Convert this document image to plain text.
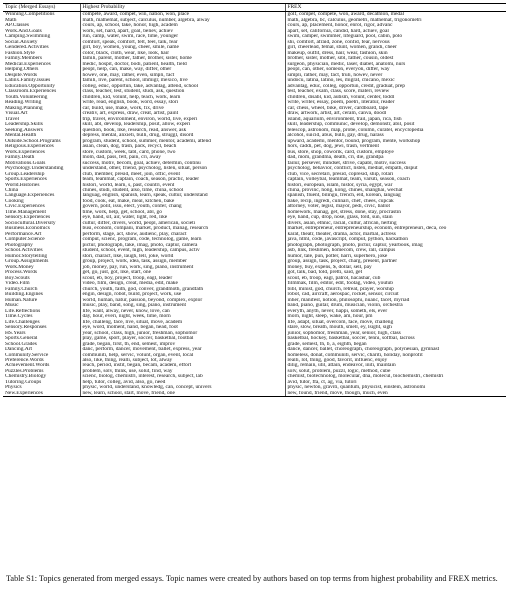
Topic (Merged Essays)	Highest Probability	FREX
Winning.Competitions	compete, award, compet, win, nation, won, place	golf, compet, compete, won, award, decathlon, medal
Math	math, mathemat, subject, calculus, number, algebra, alway	math, algebra, bc, calculus, geometri, mathemat, trigonometri
AP.Classes	cours, ap, school, take, honor, high, academ	cours, ap, placement, honor, enrol, rigor, advanc
Work.And.Goals	work, set, hard, apart, goal, believ, achiev	apart, set, california, candid, hard, achiev, goal
Camping.Swimming	run, camp, water, swim, race, time, younger	swim, camper, swimmer, lifeguard, pool, cabin, polo
Social.Anxiety	comfort, speak, comfort, felt, feel, talk, fear	shi, comfort, afraid, zone, confid, fear, nervous
Gendered.Activities	girl, boy, women, young, cheer, smile, name	girl, cheerlead, femal, stunt, women, grandi, cheer
Fashion.Style	color, black, cloth, wear, like, look, hair	makeup, outfit, dress, hair, wear, fashion, skin
Family.Members	famili, parent, mother, father, brother, sister, home	brother, sister, mother, sibl, father, cousin, oldest
Medical.Experiences	medic, hospit, doctor, bodi, patient, health, field	surgeon, physician, medic, laser, diabet, anatomi, nurs
Helping.Others	peopl, help, can, make, way, differ, other	peopl, can, other, someon, everyon, differ, way
Despite.Words	howev, one, may, rather, even, simpli, fact	simpli, rather, may, fact, truli, howev, never
Latinx.Family.Issues	famili, live, parent, school, immigr, mexico, live	undocu, latina, latino, les, migrat, chicano, mexic
Education.Opportunity	colleg, educ, opportun, take, advantag, attend, school	advantag, educ, colleg, opportun, credit, graduat, prep
Classroom.Experiences	class, teacher, test, student, studi, ask, question	test, teacher, exam, class, score, materi, review
Youth.Volunteering	children, kid, volunt, help, teach, work, learn	children, disabl, kid, autism, volunt, center, toddl
Reading.Writing	write, read, english, book, word, essay, stori	write, writer, essay, poem, poetri, literatur, reader
Making.Planning	car, build, use, make, work, fix, drive	car, chess, wheel, bike, driver, cardboard, tape
Visual.Art	creativ, art, express, draw, creat, artist, paint	draw, artwork, artist, art, ceram, canva, doodl
Travel	trip, travel, environment, environ, world, live, experi	island, aquarium, environment, trail, japan, rica, fish
Leadership.Skills	skill, abl, develop, leadership, posit, allow, experi	skill, leadership, communic, develop, demonstr, abil, posit
Seeking.Answers	question, book, like, research, read, answer, ask	telescop, astronom, map, probe, column, curatel, encyclopedia
Mental.Health	depress, mental, anxieti, bulli, drug, struggl, disord	alcohol, suicid, abus, bulli, gay, drug, harass
Outside.School.Programs	program, student, school, summer, mentor, academi, attend	upward, academi, mentor, bound, program, mente, workshop
Religious.Experiences	asian, clean, dog, trash, pack, recycl, beach	hors, caddi, pet, dog, jewi, trash, vertment
Work.Experiences	store, custom, week, tabl, card, phone, two	bus, store, shop, coworik, card, custom, employe
Family.Death	mom, dad, pass, felt, pain, cri, away	dad, mom, grandma, death, cri, die, grandpa
Motivations.Goals	success, motiv, becom, goal, achiev, determin, continu	failur, persever, mindset, strive, capabl, motiv, success
Psychology.Understanding	understand, other, friend, psycholog, listen, situat, person	psycholog, behavior, conflict, listen, mediat, empath, disput
Group.Leadership	club, member, presid, meet, join, offic, event	club, vice, secretari, presid, copresid, ship, rotari
Sports.Experiences	team, teammat, captain, coach, season, practic, leader	captain, volleybal, teammat, team, varsiti, season, coach
World.Histories	histori, world, learn, s, past, countri, event	histori, european, islam, histor, syria, egypt, war
China	chines, studi, student, also, time, china, school	china, provinc, hong, kong, chines, shanghai, wechat
Language.Experiences	languag, english, spanish, learn, speak, cultur, understand	spanish, fluent, bilingu, french, eld, korean, languag
Cooking	food, cook, eat, make, meal, kitchen, bake	bake, recip, ingredi, culinari, chef, chees, cupcak
Civic.Experiences	govern, polit, issu, elect, youth, confer, chang	attorney, voter, legisl, mayor, pedi, civic, ballot
Time.Management	time, work, help, get, school, abl, go	homework, manag, get, stress, done, stay, procrastin
Sensory.Experiences	eye, hand, sit, air, water, light, red, like	eye, hand, cup, drop, nose, glass, fold, sun, stain
Sociocultural.Diversity	cultur, differ, divers, world, peopl, american, societi	divers, asian, ethnic, racial, cultur, african, herting
Business.Economics	busi, econom, compani, market, product, manag, research	market, entrepreneur, entrepreneurship, econom, entrepreneuri, deca, ceo
Performance.Art	perform, stage, act, show, audienc, play, charact	karat, theatr, theater, drama, actor, martial, actress
Computer.Science	comput, scienc, program, code, technolog, game, learn	java, html, code, javascript, comput, python, hackathon
Photography	pictur, photograph, take, imag, photo, captur, camera	photograph, photograph, photo, pictur, captur, yearbook, imag
School.Activities	student, school, event, high, leadership, campus, activ	asb, link, freshmen, homecom, crew, rall, campus
Humor.Storytelling	stori, charact, like, laugh, tell, joke, world	humor, tale, pun, potter, harri, superhero, joke
Group.Assignments	group, project, work, idea, task, assign, member	group, assign, task, project, charg, present, partner
Work.Money	job, money, pay, run, work, sing, piano, instrument	money, buy, expens, $, dollar, sell, pay
Process.Words	get, go, just, got, like, start, one	got, talk, bad, told, pretti, said, get
Boy.Scouts	scout, eb, boy, project, troop, eagl, leader	scout, eb, troop, eagl, patrol, hacashar, cub
Video.Film	video, film, design, creat, media, edit, make	filmmak, film, editor, edit, footag, video, youtub
Family.Church	church, youth, faith, god, conver, grandmoth, grandfath	bibl, minist, god, church, retreat, prayer, worship
Building.Engines	engin, design, robot, build, project, work, use	robot, cad, aircraft, aerospac, rocket, sensor, circuit
Human.Nature	world, human, natur, passion, beyond, complex, explor	inher, manifest, notion, philosophi, nuanc, facet, myriad
Music	music, play, band, song, sing, piano, instrument	band, piano, guitar, drum, musician, violin, orchestra
Life.Reflections	life, want, alway, never, know, love, can	everyth, anyth, never, happi, someth, els, ever
Time.Cycles	day, hour, everi, night, week, time, morn	morn, night, sleep, wake, am, hour, pm
Life.Challenges	life, challeng, face, live, situat, move, academ	life, adapt, situat, overcom, face, move, challeng
Sensory.Responses	eye, word, moment, hand, began, head, foot	stare, slow, breath, mouth, smell, ey, lsight, sigh
HS.Years	year, school, class, high, junior, freshman, sophomor	junior, sophomor, freshman, year, senior, high, class
Sports.General	play, game, sport, player, soccer, basketbal, footbal	basketbal, hockey, basketbal, soccer, tenni, softbal, lacross
School.Grades	grade, began, first, th, end, semest, improv	grade, semest, th, b, a, eighth, began
Dancing.Art	danc, perform, dancer, movement, ballet, express, year	dance, dancer, ballet, choreograph, choreograph, polynesian, gymnast
Community.Service	communiti, help, servic, volunt, organ, event, local	homeless, donat, communiti, servic, chariti, holiday, nonprofit
Preference.Words	also, like, thing, realli, subject, lot, alway	realli, lot, thing, good, favorit, influenc, enjoy
Achievement.Words	reach, period, instit, began, becam, academ, effort	dilig, remain, util, attain, endeavor, initi, maintain
Puzzles.Problems	problem, solv, think, use, solut, find, way	solv, solut, problem, puzzl, logic, method, cube
Chemistry.Biology	scienc, biolog, chemistri, interest, research, subject, lab	chemist, biotechnolog, molecular, dna, molecul, biochemistri, chemistri
Tutoring.Groups	help, tutor, colleg, avid, also, go, need	avid, tutor, ffa, ct, ag, via, tutori
Physics	physic, world, understand, knowledg, can, concept, univers	physic, newton, graviti, quantum, physicist, einstein, astronomi
New.Experiences	new, learn, school, start, move, friend, one	new, found, friend, move, though, much, even
Table S1: Topics generated from merged essays. Topic names were created by authors based on top terms from highest probability and FREX metrics.
